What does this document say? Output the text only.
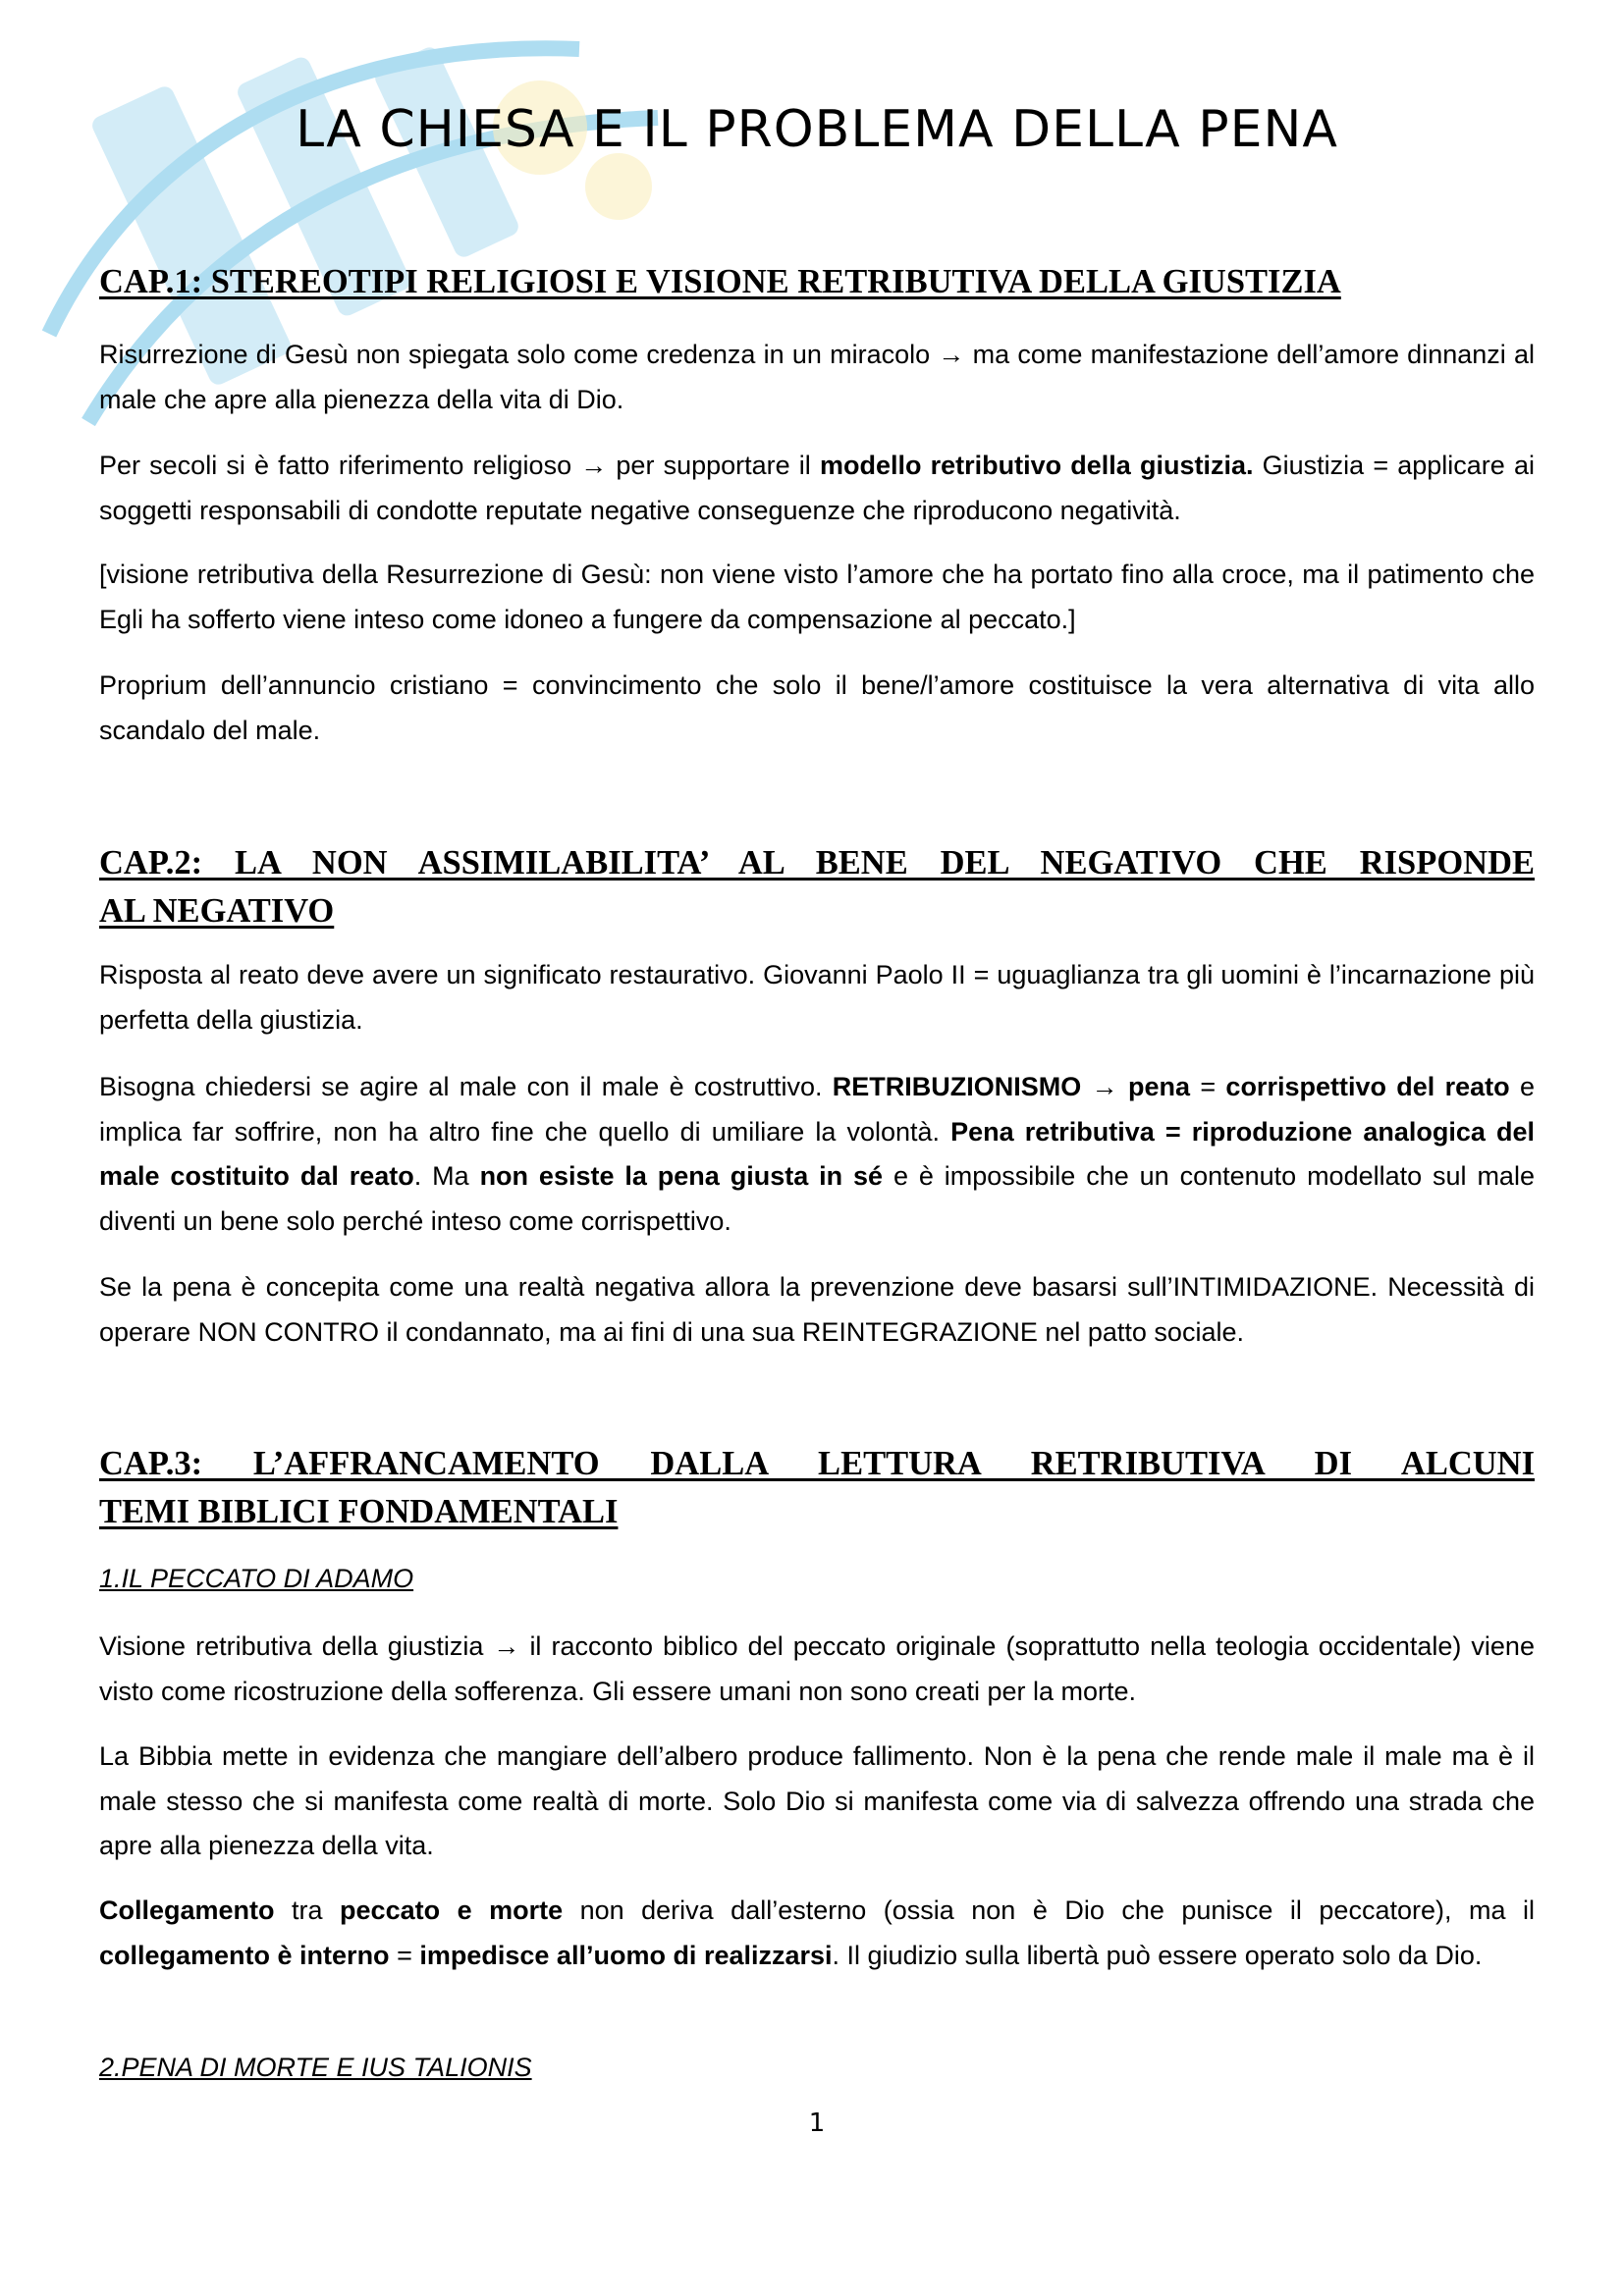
LA CHIESA E IL PROBLEMA DELLA PENA
CAP.1: STEREOTIPI RELIGIOSI E VISIONE RETRIBUTIVA DELLA GIUSTIZIA

Risurrezione di Gesù non spiegata solo come credenza in un miracolo → ma come manifestazione dell’amore dinnanzi al male che apre alla pienezza della vita di Dio.

Per secoli si è fatto riferimento religioso → per supportare il modello retributivo della giustizia. Giustizia = applicare ai soggetti responsabili di condotte reputate negative conseguenze che riproducono negatività.

[visione retributiva della Resurrezione di Gesù: non viene visto l’amore che ha portato fino alla croce, ma il patimento che Egli ha sofferto viene inteso come idoneo a fungere da compensazione al peccato.]

Proprium dell’annuncio cristiano = convincimento che solo il bene/l’amore costituisce la vera alternativa di vita allo scandalo del male.

CAP.2: LA NON ASSIMILABILITA’ AL BENE DEL NEGATIVO CHE RISPONDE
AL NEGATIVO

Risposta al reato deve avere un significato restaurativo. Giovanni Paolo II = uguaglianza tra gli uomini è l’incarnazione più perfetta della giustizia.

Bisogna chiedersi se agire al male con il male è costruttivo. RETRIBUZIONISMO → pena = corrispettivo del reato e implica far soffrire, non ha altro fine che quello di umiliare la volontà. Pena retributiva = riproduzione analogica del male costituito dal reato. Ma non esiste la pena giusta in sé e è impossibile che un contenuto modellato sul male diventi un bene solo perché inteso come corrispettivo.

Se la pena è concepita come una realtà negativa allora la prevenzione deve basarsi sull’INTIMIDAZIONE. Necessità di operare NON CONTRO il condannato, ma ai fini di una sua REINTEGRAZIONE nel patto sociale.

CAP.3: L’AFFRANCAMENTO DALLA LETTURA RETRIBUTIVA DI ALCUNI
TEMI BIBLICI FONDAMENTALI

1.IL PECCATO DI ADAMO

Visione retributiva della giustizia → il racconto biblico del peccato originale (soprattutto nella teologia occidentale) viene visto come ricostruzione della sofferenza. Gli essere umani non sono creati per la morte.

La Bibbia mette in evidenza che mangiare dell’albero produce fallimento. Non è la pena che rende male il male ma è il male stesso che si manifesta come realtà di morte. Solo Dio si manifesta come via di salvezza offrendo una strada che apre alla pienezza della vita.

Collegamento tra peccato e morte non deriva dall’esterno (ossia non è Dio che punisce il peccatore), ma il collegamento è interno = impedisce all’uomo di realizzarsi. Il giudizio sulla libertà può essere operato solo da Dio.

2.PENA DI MORTE E IUS TALIONIS

1
